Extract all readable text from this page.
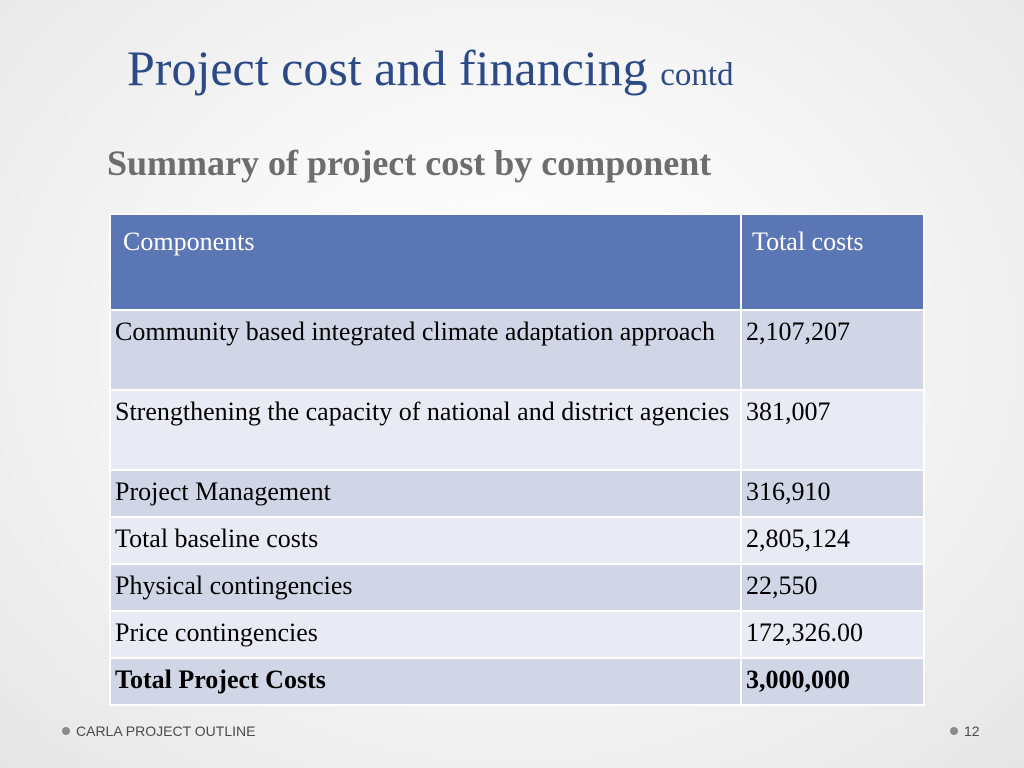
Project cost and financing contd
Summary of project cost by component
Components	Total costs
Community based integrated climate adaptation approach	2,107,207
Strengthening the capacity of national and district agencies	381,007
Project Management	316,910
Total baseline costs	2,805,124
Physical contingencies	22,550
Price contingencies	172,326.00
Total Project Costs	3,000,000
CARLA PROJECT OUTLINE	12
